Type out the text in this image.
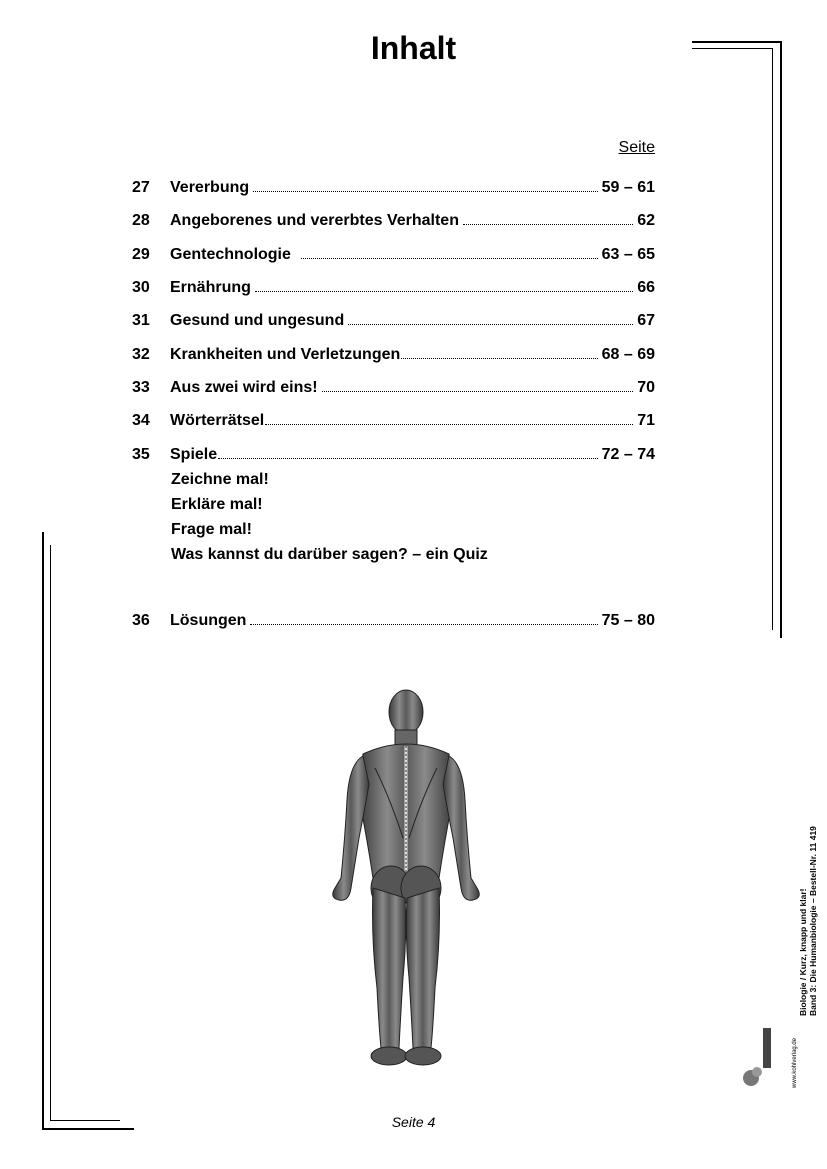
Inhalt
Seite
27	Vererbung	59 – 61
28	Angeborenes und vererbtes Verhalten	62
29	Gentechnologie	63 – 65
30	Ernährung	66
31	Gesund und ungesund	67
32	Krankheiten und Verletzungen	68 – 69
33	Aus zwei wird eins!	70
34	Wörterrätsel	71
35	Spiele	72 – 74
Zeichne mal!
Erkläre mal!
Frage mal!
Was kannst du darüber sagen? – ein Quiz
36	Lösungen	75 – 80
Biologie / Kurz, knapp und klar! Band 3: Die Humanbiologie – Bestell-Nr. 11 419
www.kohlverlag.de
Seite 4
